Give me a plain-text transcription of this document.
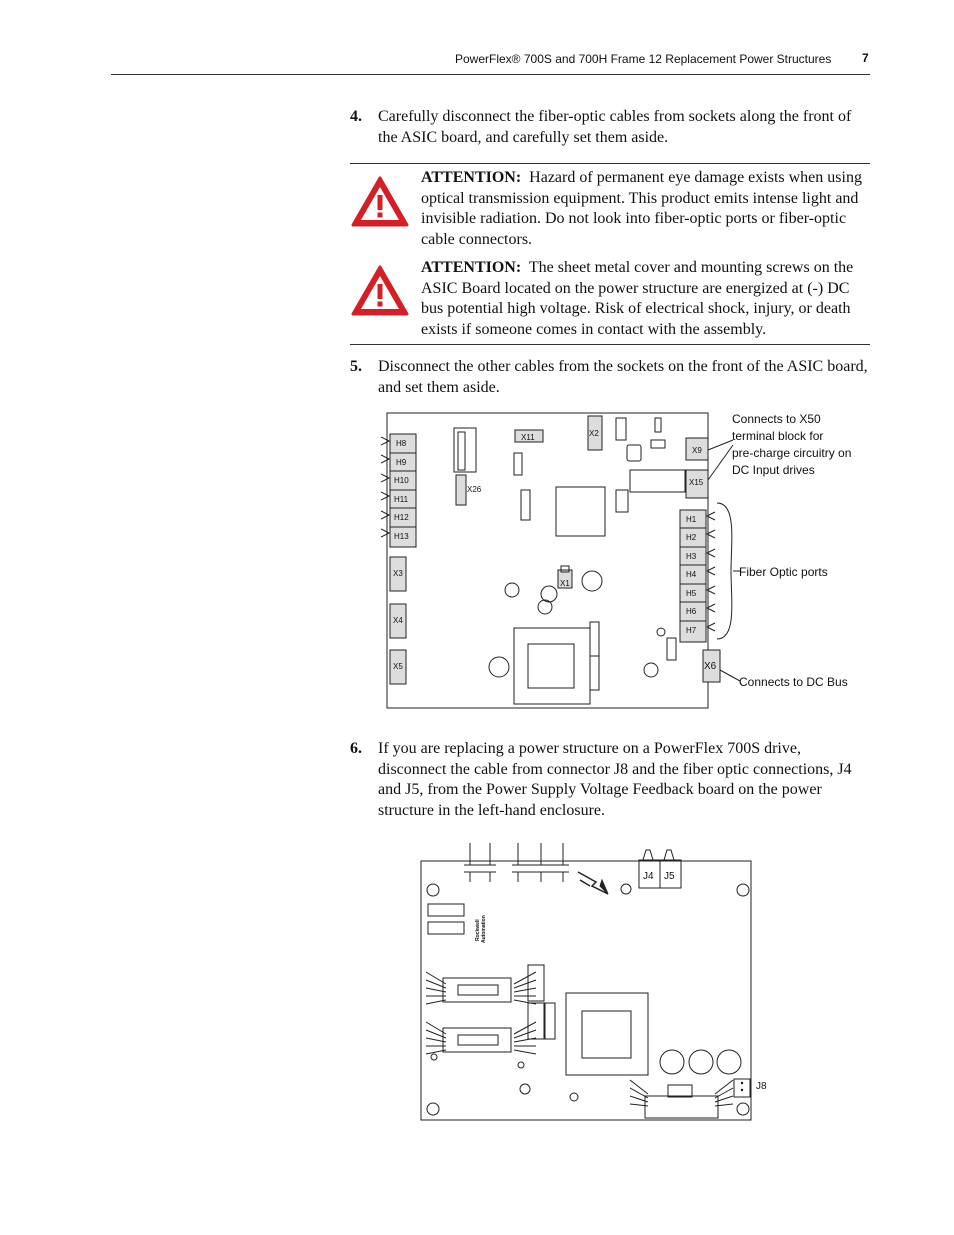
PowerFlex® 700S and 700H Frame 12 Replacement Power Structures	7
4. Carefully disconnect the fiber-optic cables from sockets along the front of the ASIC board, and carefully set them aside.
ATTENTION: Hazard of permanent eye damage exists when using optical transmission equipment. This product emits intense light and invisible radiation. Do not look into fiber-optic ports or fiber-optic cable connectors.
ATTENTION: The sheet metal cover and mounting screws on the ASIC Board located on the power structure are energized at (-) DC bus potential high voltage. Risk of electrical shock, injury, or death exists if someone comes in contact with the assembly.
5. Disconnect the other cables from the sockets on the front of the ASIC board, and set them aside.
H8
H9
H10
H11
H12
H13
X3
X4
X5
X26
X11	X2
X9
X15
H1
H2
H3
H4
H5
H6
H7
X1
X6
Connects to X50
terminal block for
pre-charge circuitry on
DC Input drives
Fiber Optic ports
Connects to DC Bus
6. If you are replacing a power structure on a PowerFlex 700S drive, disconnect the cable from connector J8 and the fiber optic connections, J4 and J5, from the Power Supply Voltage Feedback board on the power structure in the left-hand enclosure.
J4 J5
J8
Rockwell Automation
